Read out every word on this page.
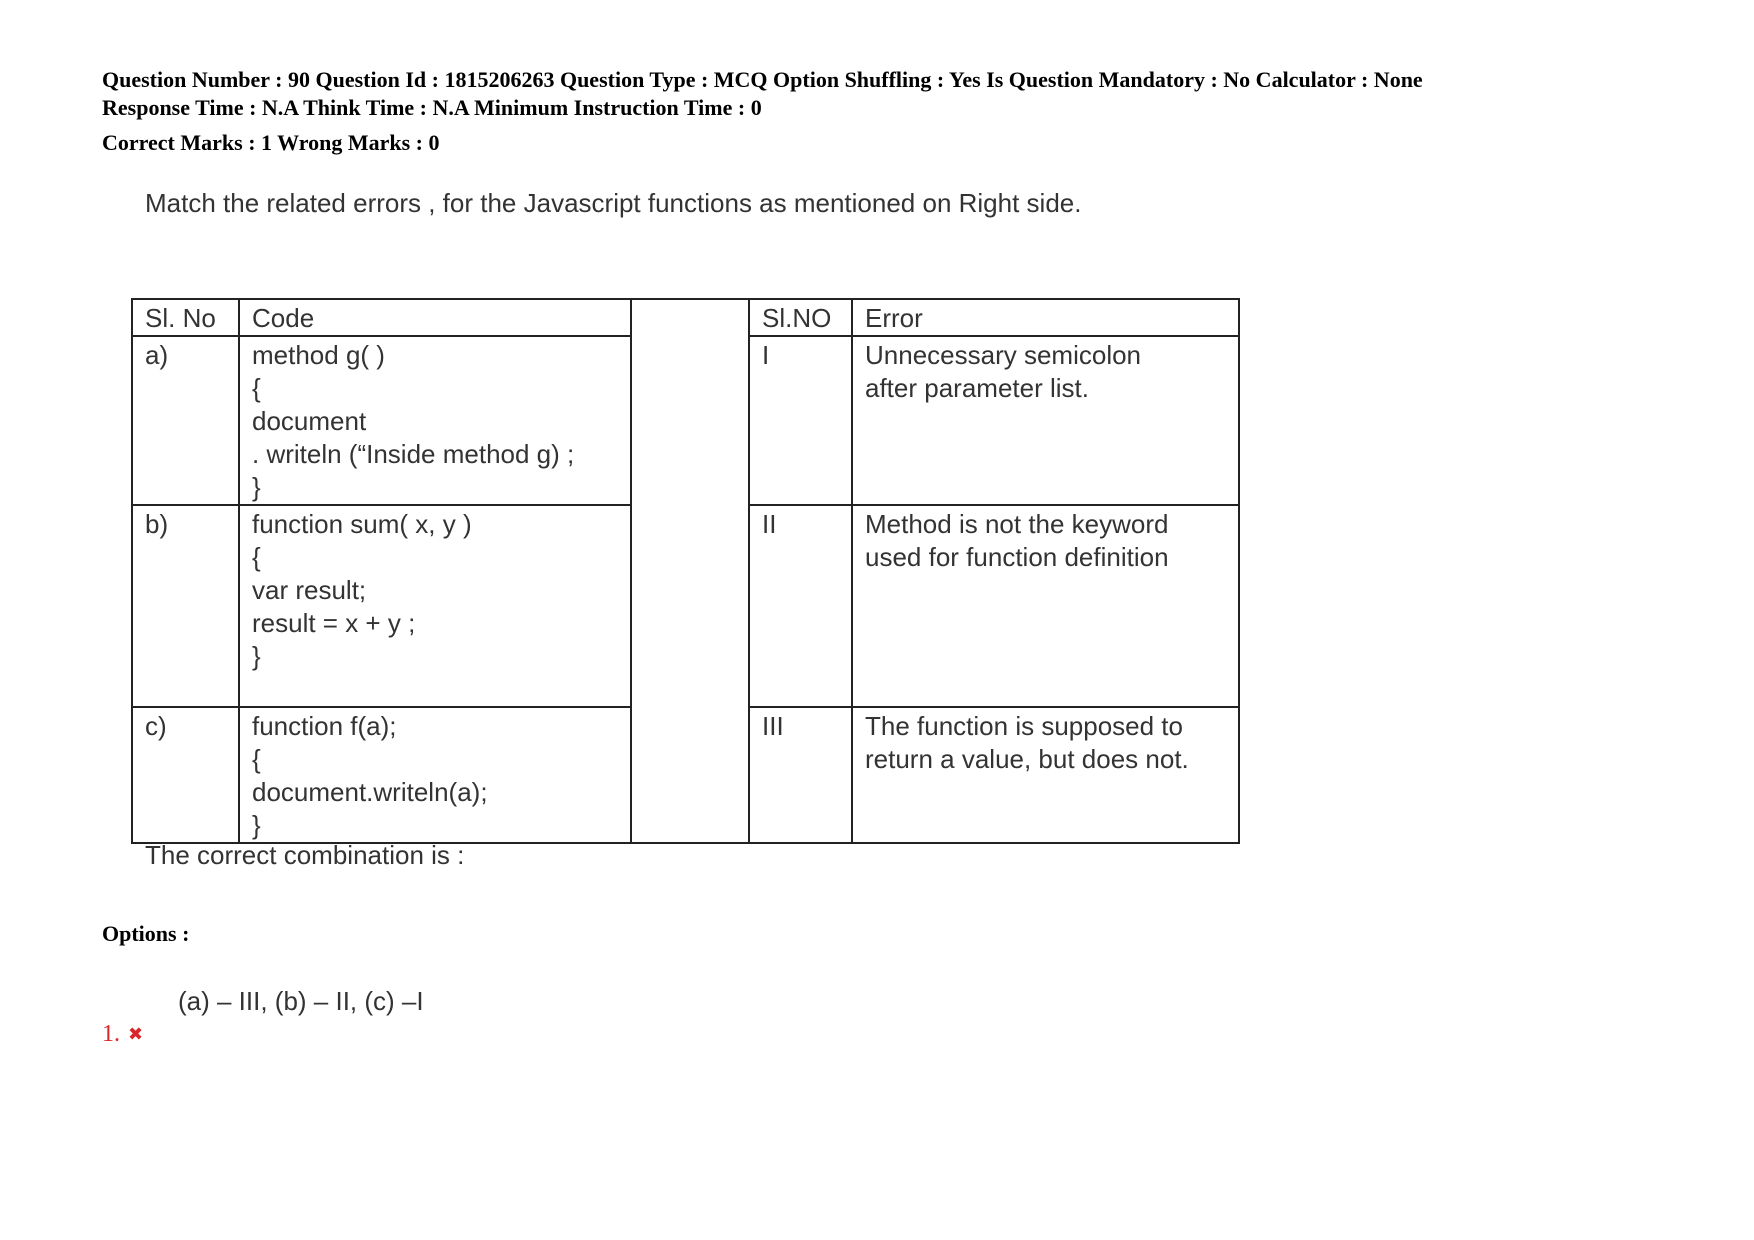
Question Number : 90 Question Id : 1815206263 Question Type : MCQ Option Shuffling : Yes Is Question Mandatory : No Calculator : None
Response Time : N.A Think Time : N.A Minimum Instruction Time : 0
Correct Marks : 1 Wrong Marks : 0
Match the related errors , for the Javascript functions as mentioned on Right side.
Sl. No	Code		Sl.NO	Error
a)	method g( )
{
document
. writeln (“Inside method g) ;
}		I	Unnecessary semicolon
after parameter list.

b)	function sum( x, y )
{
var result;
result = x + y ;
}		II	Method is not the keyword
used for function definition

c)	function f(a);
{
document.writeln(a);
}		III	The function is supposed to
return a value, but does not.
The correct combination is :
Options :
(a) – III, (b) – II, (c) –I
1. ✖
